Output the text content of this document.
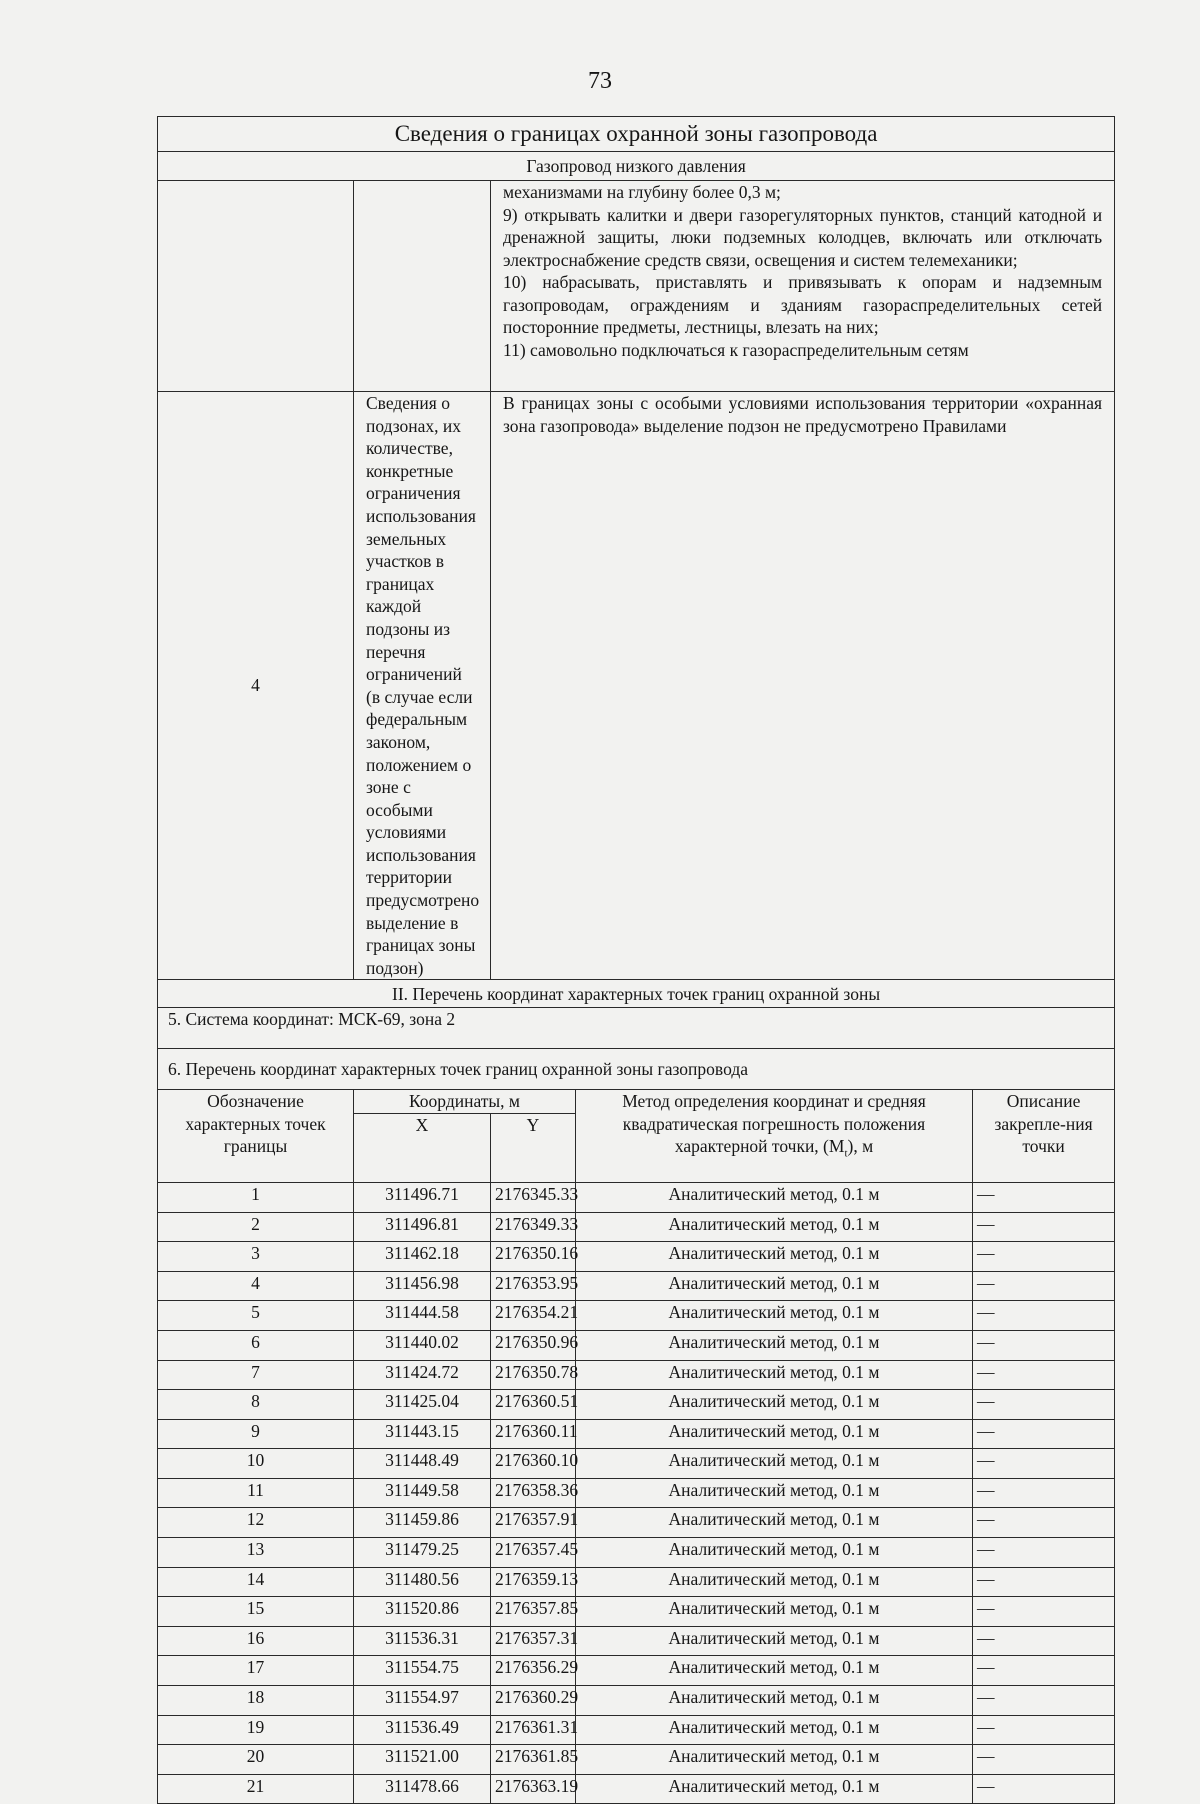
73
Сведения о границах охранной зоны газопровода				
Газопровод низкого давления				

		механизмами на глубину более 0,3 м;
9) открывать калитки и двери газорегуляторных пунктов, станций катодной и дренажной защиты, люки подземных колодцев, включать или отключать электроснабжение средств связи, освещения и систем телемеханики;
10) набрасывать, приставлять и привязывать к опорам и надземным газопроводам, ограждениям и зданиям газораспределительных сетей посторонние предметы, лестницы, влезать на них;
11) самовольно подключаться к газораспределительным сетям		

4	Сведения о подзонах, их количестве, конкретные ограничения использования земельных участков в границах каждой подзоны из перечня ограничений (в случае если федеральным законом, положением о зоне с особыми условиями использования территории предусмотрено выделение в границах зоны подзон)	В границах зоны с особыми условиями использования территории «охранная зона газопровода» выделение подзон не предусмотрено Правилами		
II. Перечень координат характерных точек границ охранной зоны				
5. Система координат: МСК-69, зона 2				
6. Перечень координат характерных точек границ охранной зоны газопровода				
Обозначение характерных точек границы	Координаты, м		Метод определения координат и средняя квадратическая погрешность положения характерной точки, $(M_t)$, м	Описание закрепле-ния точки
	X	Y		
1	311496.71	2176345.33	Аналитический метод, 0.1 м	—
2	311496.81	2176349.33	Аналитический метод, 0.1 м	—
3	311462.18	2176350.16	Аналитический метод, 0.1 м	—
4	311456.98	2176353.95	Аналитический метод, 0.1 м	—
5	311444.58	2176354.21	Аналитический метод, 0.1 м	—
6	311440.02	2176350.96	Аналитический метод, 0.1 м	—
7	311424.72	2176350.78	Аналитический метод, 0.1 м	—
8	311425.04	2176360.51	Аналитический метод, 0.1 м	—
9	311443.15	2176360.11	Аналитический метод, 0.1 м	—
10	311448.49	2176360.10	Аналитический метод, 0.1 м	—
11	311449.58	2176358.36	Аналитический метод, 0.1 м	—
12	311459.86	2176357.91	Аналитический метод, 0.1 м	—
13	311479.25	2176357.45	Аналитический метод, 0.1 м	—
14	311480.56	2176359.13	Аналитический метод, 0.1 м	—
15	311520.86	2176357.85	Аналитический метод, 0.1 м	—
16	311536.31	2176357.31	Аналитический метод, 0.1 м	—
17	311554.75	2176356.29	Аналитический метод, 0.1 м	—
18	311554.97	2176360.29	Аналитический метод, 0.1 м	—
19	311536.49	2176361.31	Аналитический метод, 0.1 м	—
20	311521.00	2176361.85	Аналитический метод, 0.1 м	—
21	311478.66	2176363.19	Аналитический метод, 0.1 м	—
